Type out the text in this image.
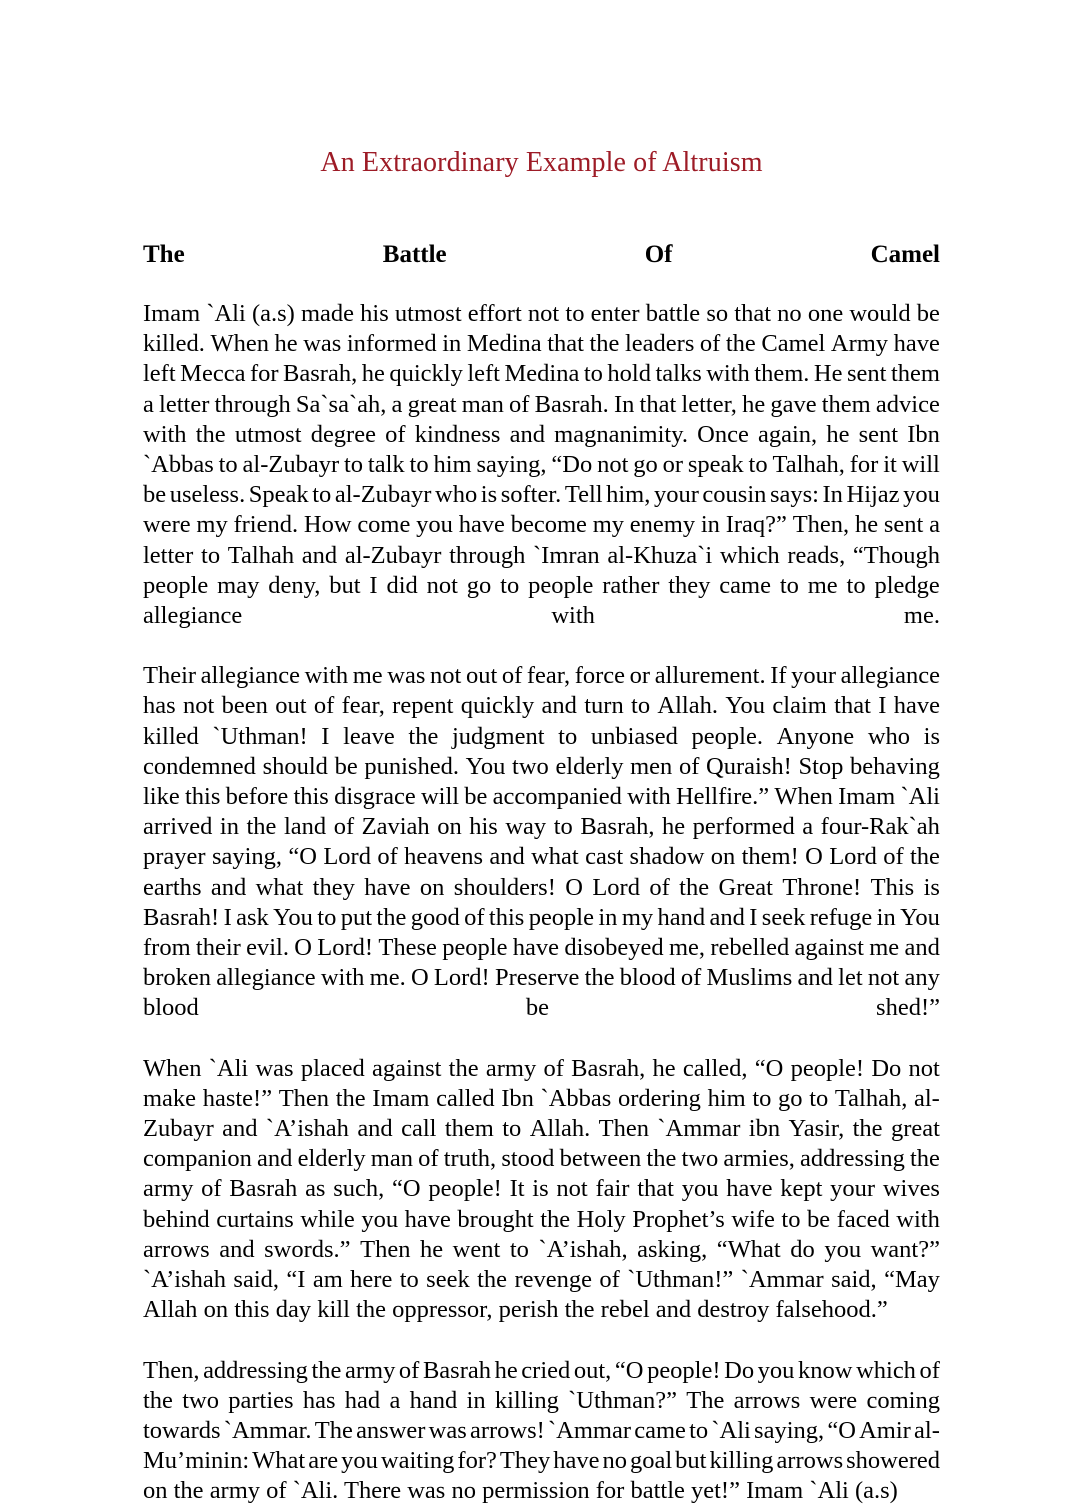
An Extraordinary Example of Altruism
The	Battle	Of	Camel

Imam `Ali (a.s) made his utmost effort not to enter battle so that no one would be
killed. When he was informed in Medina that the leaders of the Camel Army have
left Mecca for Basrah, he quickly left Medina to hold talks with them. He sent them
a letter through Sa`sa`ah, a great man of Basrah. In that letter, he gave them advice
with the utmost degree of kindness and magnanimity. Once again, he sent Ibn
`Abbas to al-Zubayr to talk to him saying, “Do not go or speak to Talhah, for it will
be useless. Speak to al-Zubayr who is softer. Tell him, your cousin says: In Hijaz you
were my friend. How come you have become my enemy in Iraq?” Then, he sent a
letter to Talhah and al-Zubayr through `Imran al-Khuza`i which reads, “Though
people may deny, but I did not go to people rather they came to me to pledge
allegiance	with	me.

Their allegiance with me was not out of fear, force or allurement. If your allegiance
has not been out of fear, repent quickly and turn to Allah. You claim that I have
killed `Uthman! I leave the judgment to unbiased people. Anyone who is
condemned should be punished. You two elderly men of Quraish! Stop behaving
like this before this disgrace will be accompanied with Hellfire.” When Imam `Ali
arrived in the land of Zaviah on his way to Basrah, he performed a four-Rak`ah
prayer saying, “O Lord of heavens and what cast shadow on them! O Lord of the
earths and what they have on shoulders! O Lord of the Great Throne! This is
Basrah! I ask You to put the good of this people in my hand and I seek refuge in You
from their evil. O Lord! These people have disobeyed me, rebelled against me and
broken allegiance with me. O Lord! Preserve the blood of Muslims and let not any
blood	be	shed!”

When `Ali was placed against the army of Basrah, he called, “O people! Do not
make haste!” Then the Imam called Ibn `Abbas ordering him to go to Talhah, al-
Zubayr and `A’ishah and call them to Allah. Then `Ammar ibn Yasir, the great
companion and elderly man of truth, stood between the two armies, addressing the
army of Basrah as such, “O people! It is not fair that you have kept your wives
behind curtains while you have brought the Holy Prophet’s wife to be faced with
arrows and swords.” Then he went to `A’ishah, asking, “What do you want?”
`A’ishah said, “I am here to seek the revenge of `Uthman!” `Ammar said, “May
Allah on this day kill the oppressor, perish the rebel and destroy falsehood.”

Then, addressing the army of Basrah he cried out, “O people! Do you know which of
the two parties has had a hand in killing `Uthman?” The arrows were coming
towards `Ammar. The answer was arrows! `Ammar came to `Ali saying, “O Amir al-
Mu’minin: What are you waiting for? They have no goal but killing arrows showered
on the army of `Ali. There was no permission for battle yet!” Imam `Ali (a.s)
